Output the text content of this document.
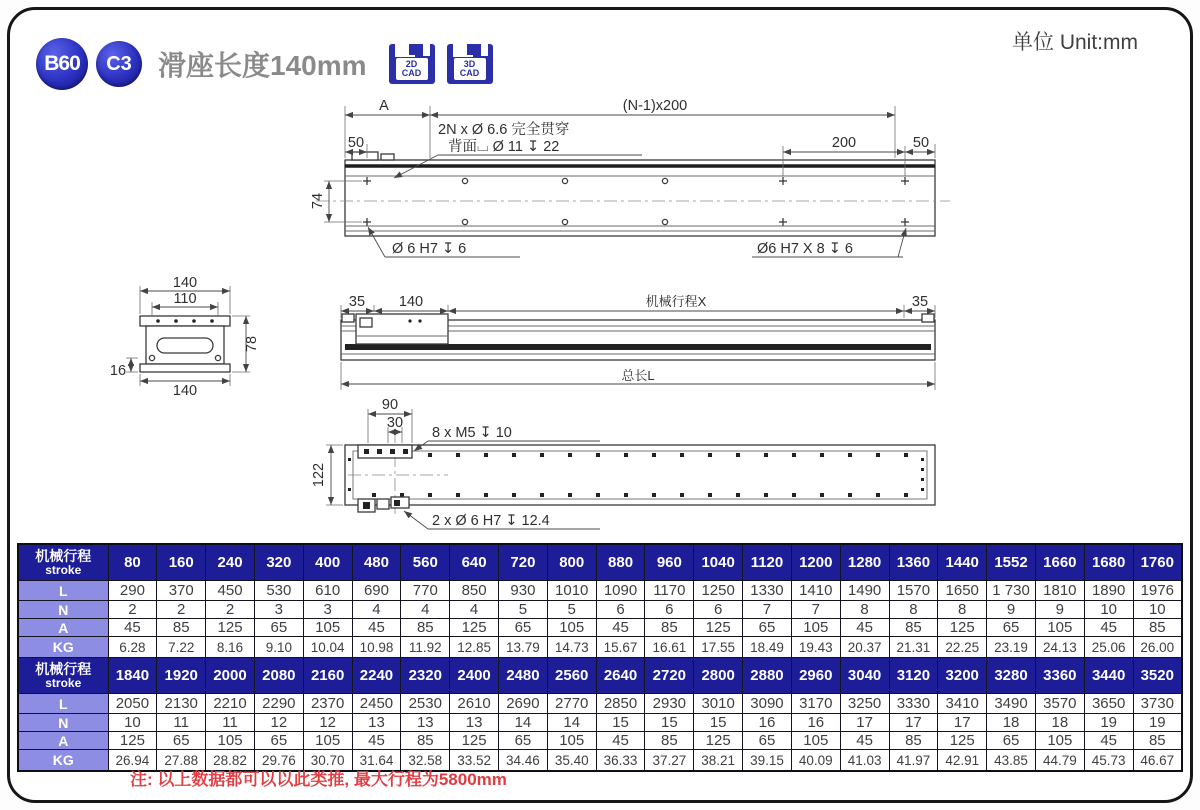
B60	C3 滑座长度140mm	2D
CAD
3D
CAD
单位 Unit:mm
A	(N-1)x200
50	200	50
74
2N x Ø 6.6 完全贯穿
背面⌴ Ø 11 ↧ 22
Ø 6 H7 ↧ 6	Ø6 H7 X 8 ↧ 6
140
110
78
16
140
35 140	机械行程X	35
总长L
90
30
8 x M5 ↧ 10
122
2 x Ø 6 H7 ↧ 12.4
机械行程
stroke	80	160	240	320	400	480	560	640	720	800	880	960	1040	1120	1200	1280	1360	1440	1552	1660	1680	1760
L	290	370	450	530	610	690	770	850	930	1010	1090	1170	1250	1330	1410	1490	1570	1650	1 730	1810	1890	1976
N	2	2	2	3	3	4	4	4	5	5	6	6	6	7	7	8	8	8	9	9	10	10
A	45	85	125	65	105	45	85	125	65	105	45	85	125	65	105	45	85	125	65	105	45	85
KG	6.28	7.22	8.16	9.10	10.04	10.98	11.92	12.85	13.79	14.73	15.67	16.61	17.55	18.49	19.43	20.37	21.31	22.25	23.19	24.13	25.06	26.00

机械行程
stroke	1840	1920	2000	2080	2160	2240	2320	2400	2480	2560	2640	2720	2800	2880	2960	3040	3120	3200	3280	3360	3440	3520
L	2050	2130	2210	2290	2370	2450	2530	2610	2690	2770	2850	2930	3010	3090	3170	3250	3330	3410	3490	3570	3650	3730
N	10	11	11	12	12	13	13	13	14	14	15	15	15	16	16	17	17	17	18	18	19	19
A	125	65	105	65	105	45	85	125	65	105	45	85	125	65	105	45	85	125	65	105	45	85
KG	26.94	27.88	28.82	29.76	30.70	31.64	32.58	33.52	34.46	35.40	36.33	37.27	38.21	39.15	40.09	41.03	41.97	42.91	43.85	44.79	45.73	46.67
注: 以上数据都可以以此类推, 最大行程为5800mm
